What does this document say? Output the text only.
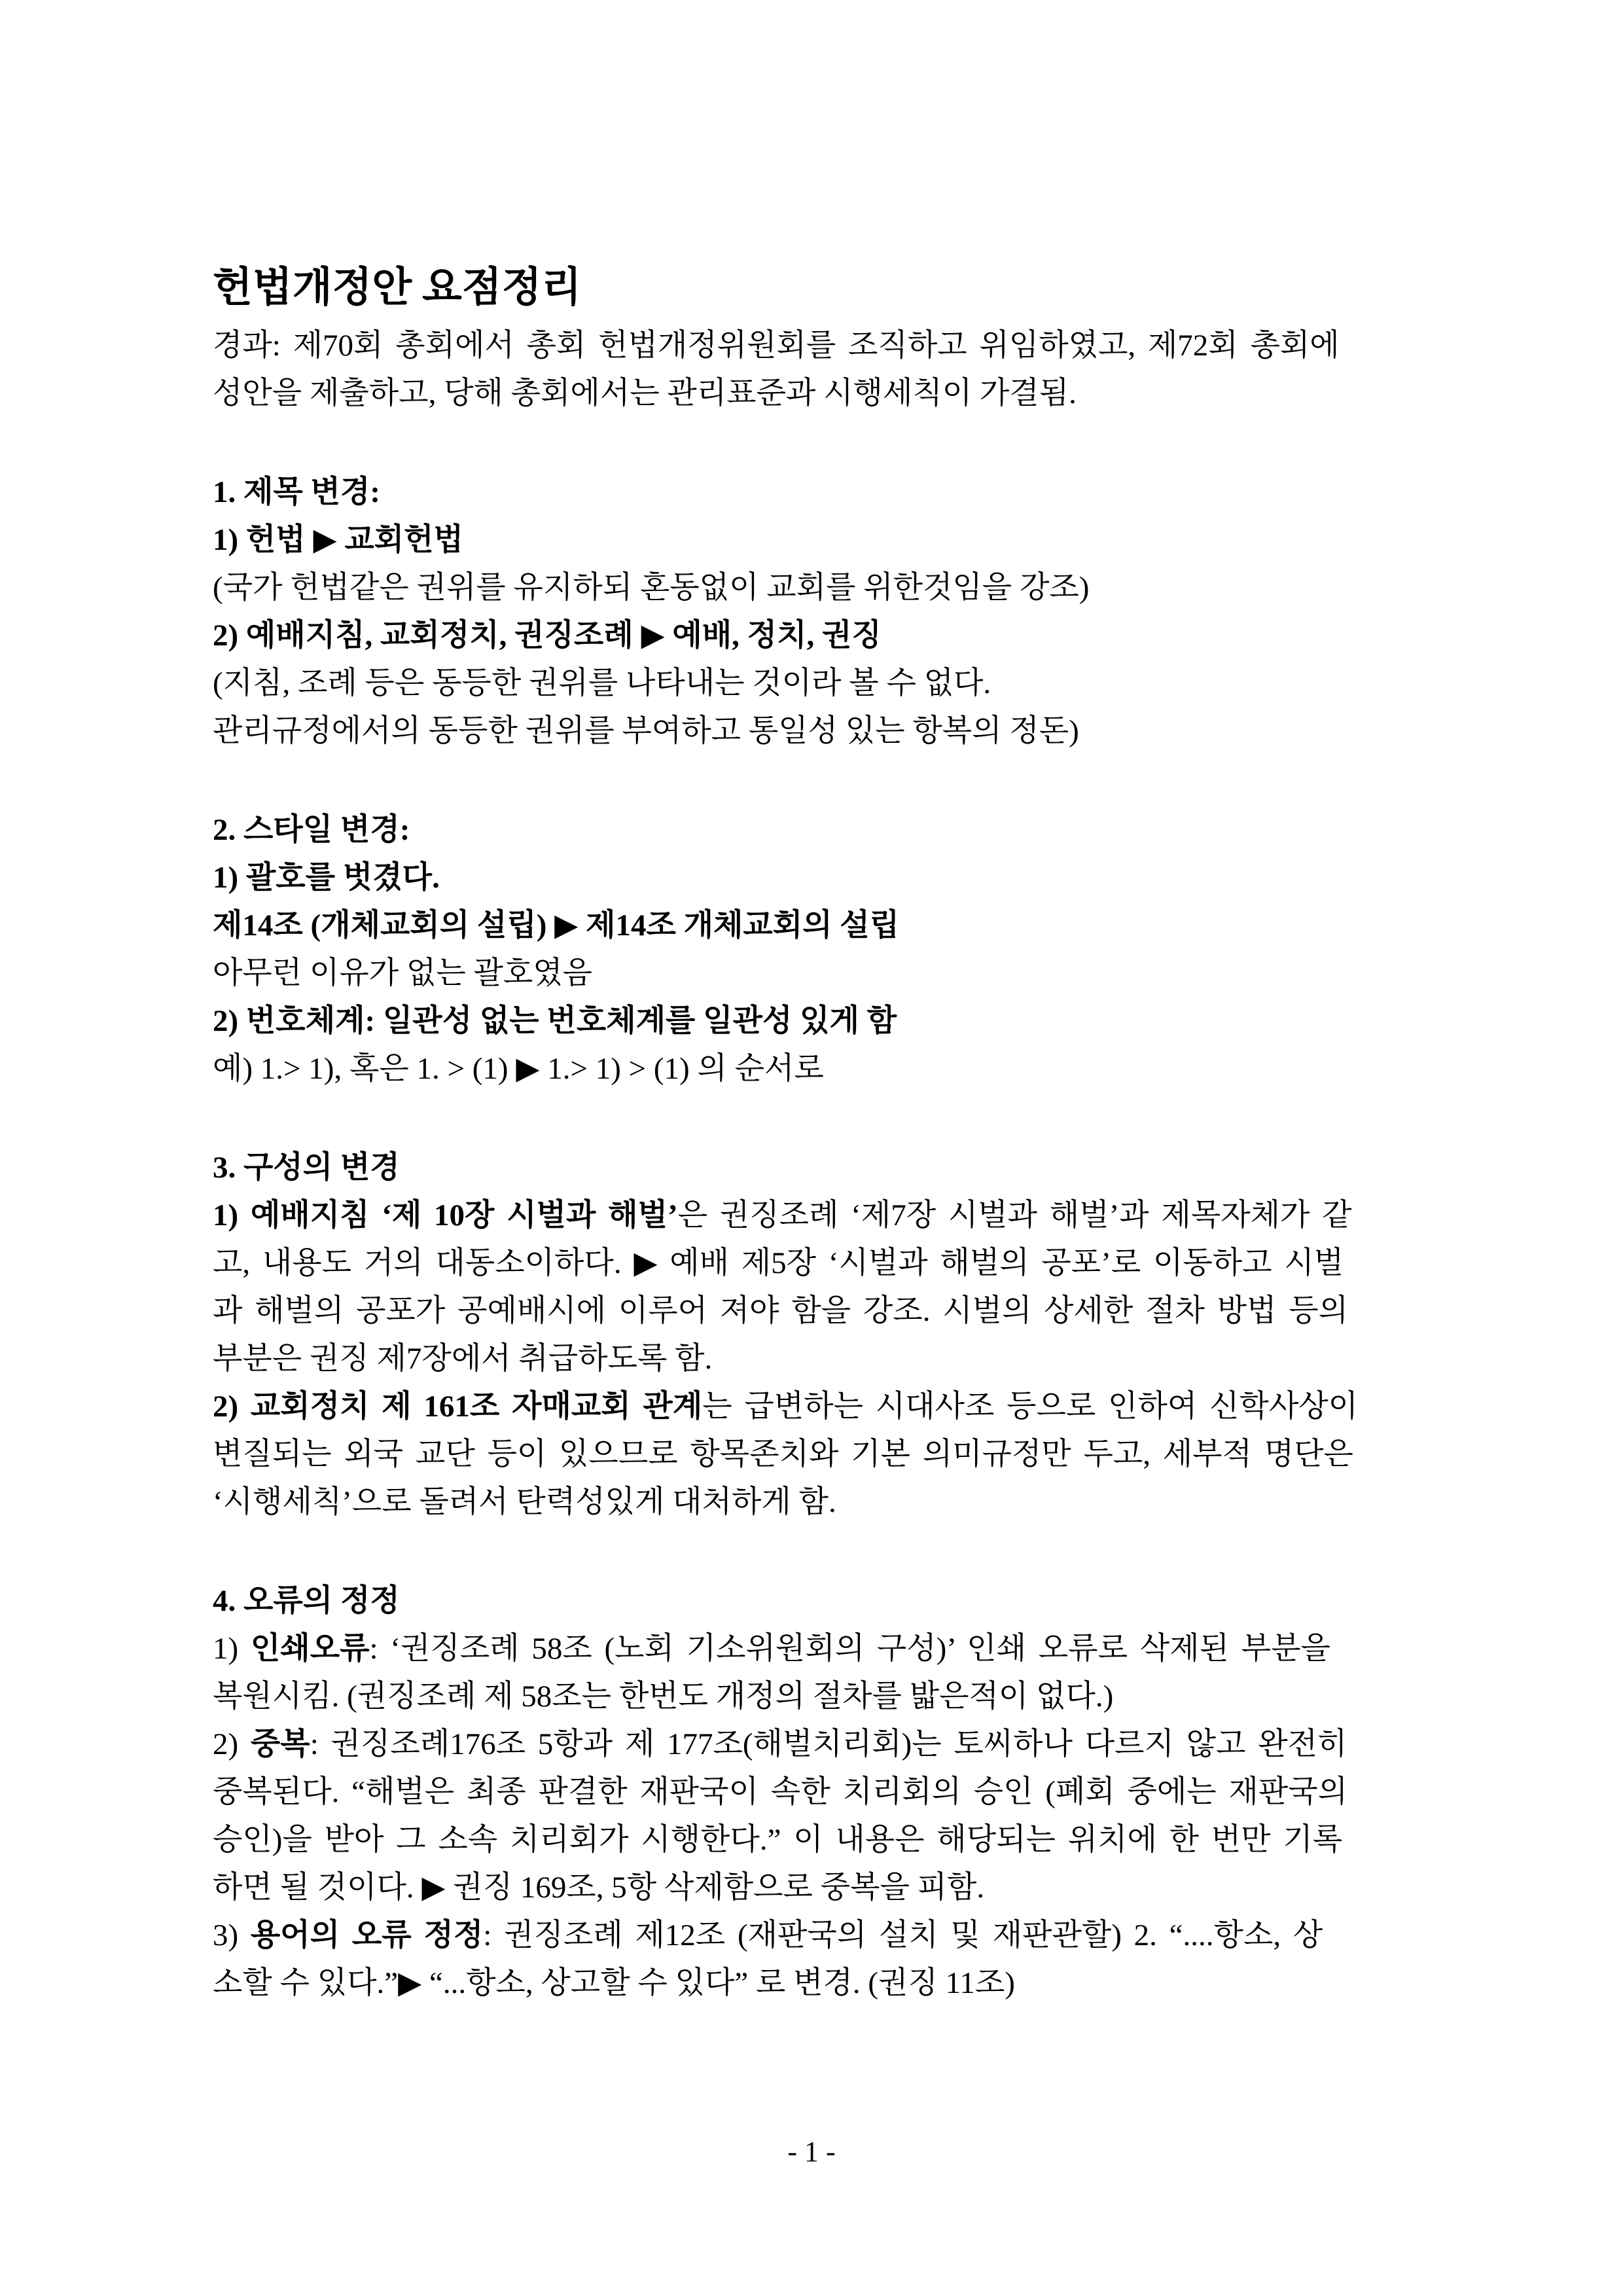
헌법개정안 요점정리
경과: 제70회 총회에서 총회 헌법개정위원회를 조직하고 위임하였고, 제72회 총회에
성안을 제출하고, 당해 총회에서는 관리표준과 시행세칙이 가결됨.
1. 제목 변경:
1) 헌법 ▶ 교회헌법
(국가 헌법같은 권위를 유지하되 혼동없이 교회를 위한것임을 강조)
2) 예배지침, 교회정치, 권징조례 ▶ 예배, 정치, 권징
(지침, 조례 등은 동등한 권위를 나타내는 것이라 볼 수 없다.
관리규정에서의 동등한 권위를 부여하고 통일성 있는 항복의 정돈)
2. 스타일 변경:
1) 괄호를 벗겼다.
제14조 (개체교회의 설립) ▶ 제14조 개체교회의 설립
아무런 이유가 없는 괄호였음
2) 번호체계: 일관성 없는 번호체계를 일관성 있게 함
예) 1.> 1), 혹은 1. > (1) ▶ 1.> 1) > (1) 의 순서로
3. 구성의 변경
1) 예배지침 ‘제 10장 시벌과 해벌’은 권징조례 ‘제7장 시벌과 해벌’과 제목자체가 같
고, 내용도 거의 대동소이하다. ▶ 예배 제5장 ‘시벌과 해벌의 공포’로 이동하고 시벌
과 해벌의 공포가 공예배시에 이루어 져야 함을 강조. 시벌의 상세한 절차 방법 등의
부분은 권징 제7장에서 취급하도록 함.
2) 교회정치 제 161조 자매교회 관계는 급변하는 시대사조 등으로 인하여 신학사상이
변질되는 외국 교단 등이 있으므로 항목존치와 기본 의미규정만 두고, 세부적 명단은
‘시행세칙’으로 돌려서 탄력성있게 대처하게 함.
4. 오류의 정정
1) 인쇄오류: ‘권징조례 58조 (노회 기소위원회의 구성)’ 인쇄 오류로 삭제된 부분을
복원시킴. (권징조례 제 58조는 한번도 개정의 절차를 밟은적이 없다.)
2) 중복: 권징조례176조 5항과 제 177조(해벌치리회)는 토씨하나 다르지 않고 완전히
중복된다. “해벌은 최종 판결한 재판국이 속한 치리회의 승인 (폐회 중에는 재판국의
승인)을 받아 그 소속 치리회가 시행한다.” 이 내용은 해당되는 위치에 한 번만 기록
하면 될 것이다. ▶ 권징 169조, 5항 삭제함으로 중복을 피함.
3) 용어의 오류 정정: 권징조례 제12조 (재판국의 설치 및 재판관할) 2. “....항소, 상
소할 수 있다.”▶ “...항소, 상고할 수 있다” 로 변경. (권징 11조)
- 1 -
